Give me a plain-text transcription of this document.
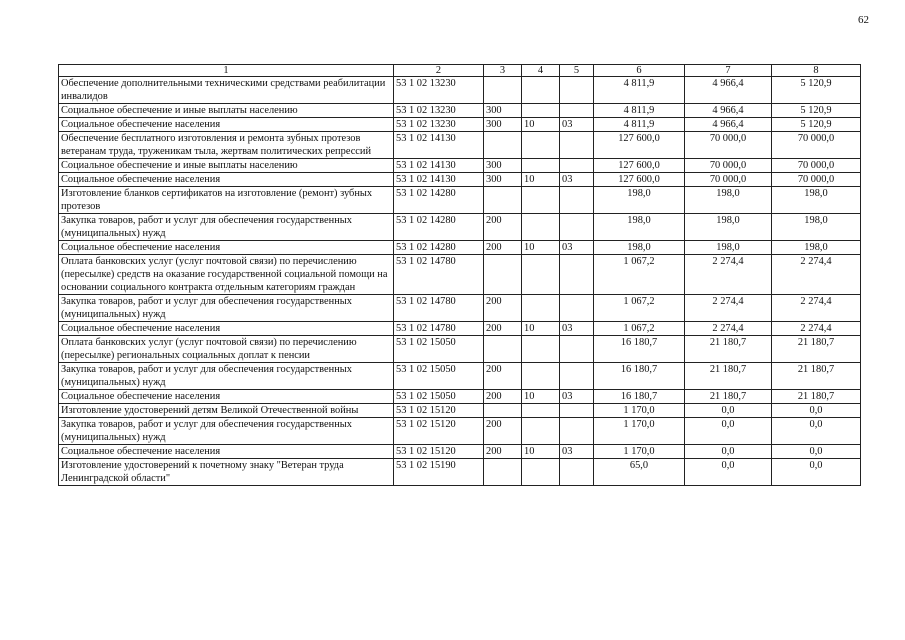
62
1	2	3	4	5	6	7	8
Обеспечение дополнительными техническими средствами реабилитации инвалидов	53 1 02 13230				4 811,9	4 966,4	5 120,9
Социальное обеспечение и иные выплаты населению	53 1 02 13230	300			4 811,9	4 966,4	5 120,9
Социальное обеспечение населения	53 1 02 13230	300	10	03	4 811,9	4 966,4	5 120,9
Обеспечение бесплатного изготовления и ремонта зубных протезов ветеранам труда, труженикам тыла, жертвам политических репрессий	53 1 02 14130				127 600,0	70 000,0	70 000,0
Социальное обеспечение и иные выплаты населению	53 1 02 14130	300			127 600,0	70 000,0	70 000,0
Социальное обеспечение населения	53 1 02 14130	300	10	03	127 600,0	70 000,0	70 000,0
Изготовление бланков сертификатов на изготовление (ремонт) зубных протезов	53 1 02 14280				198,0	198,0	198,0
Закупка товаров, работ и услуг для обеспечения государственных (муниципальных) нужд	53 1 02 14280	200			198,0	198,0	198,0
Социальное обеспечение населения	53 1 02 14280	200	10	03	198,0	198,0	198,0
Оплата банковских услуг (услуг почтовой связи) по перечислению (пересылке) средств на оказание государственной социальной помощи на основании социального контракта отдельным категориям граждан	53 1 02 14780				1 067,2	2 274,4	2 274,4
Закупка товаров, работ и услуг для обеспечения государственных (муниципальных) нужд	53 1 02 14780	200			1 067,2	2 274,4	2 274,4
Социальное обеспечение населения	53 1 02 14780	200	10	03	1 067,2	2 274,4	2 274,4
Оплата банковских услуг (услуг почтовой связи) по перечислению (пересылке) региональных социальных доплат к пенсии	53 1 02 15050				16 180,7	21 180,7	21 180,7
Закупка товаров, работ и услуг для обеспечения государственных (муниципальных) нужд	53 1 02 15050	200			16 180,7	21 180,7	21 180,7
Социальное обеспечение населения	53 1 02 15050	200	10	03	16 180,7	21 180,7	21 180,7
Изготовление удостоверений детям Великой Отечественной войны	53 1 02 15120				1 170,0	0,0	0,0
Закупка товаров, работ и услуг для обеспечения государственных (муниципальных) нужд	53 1 02 15120	200			1 170,0	0,0	0,0
Социальное обеспечение населения	53 1 02 15120	200	10	03	1 170,0	0,0	0,0
Изготовление удостоверений к почетному знаку "Ветеран труда Ленинградской области"	53 1 02 15190				65,0	0,0	0,0
